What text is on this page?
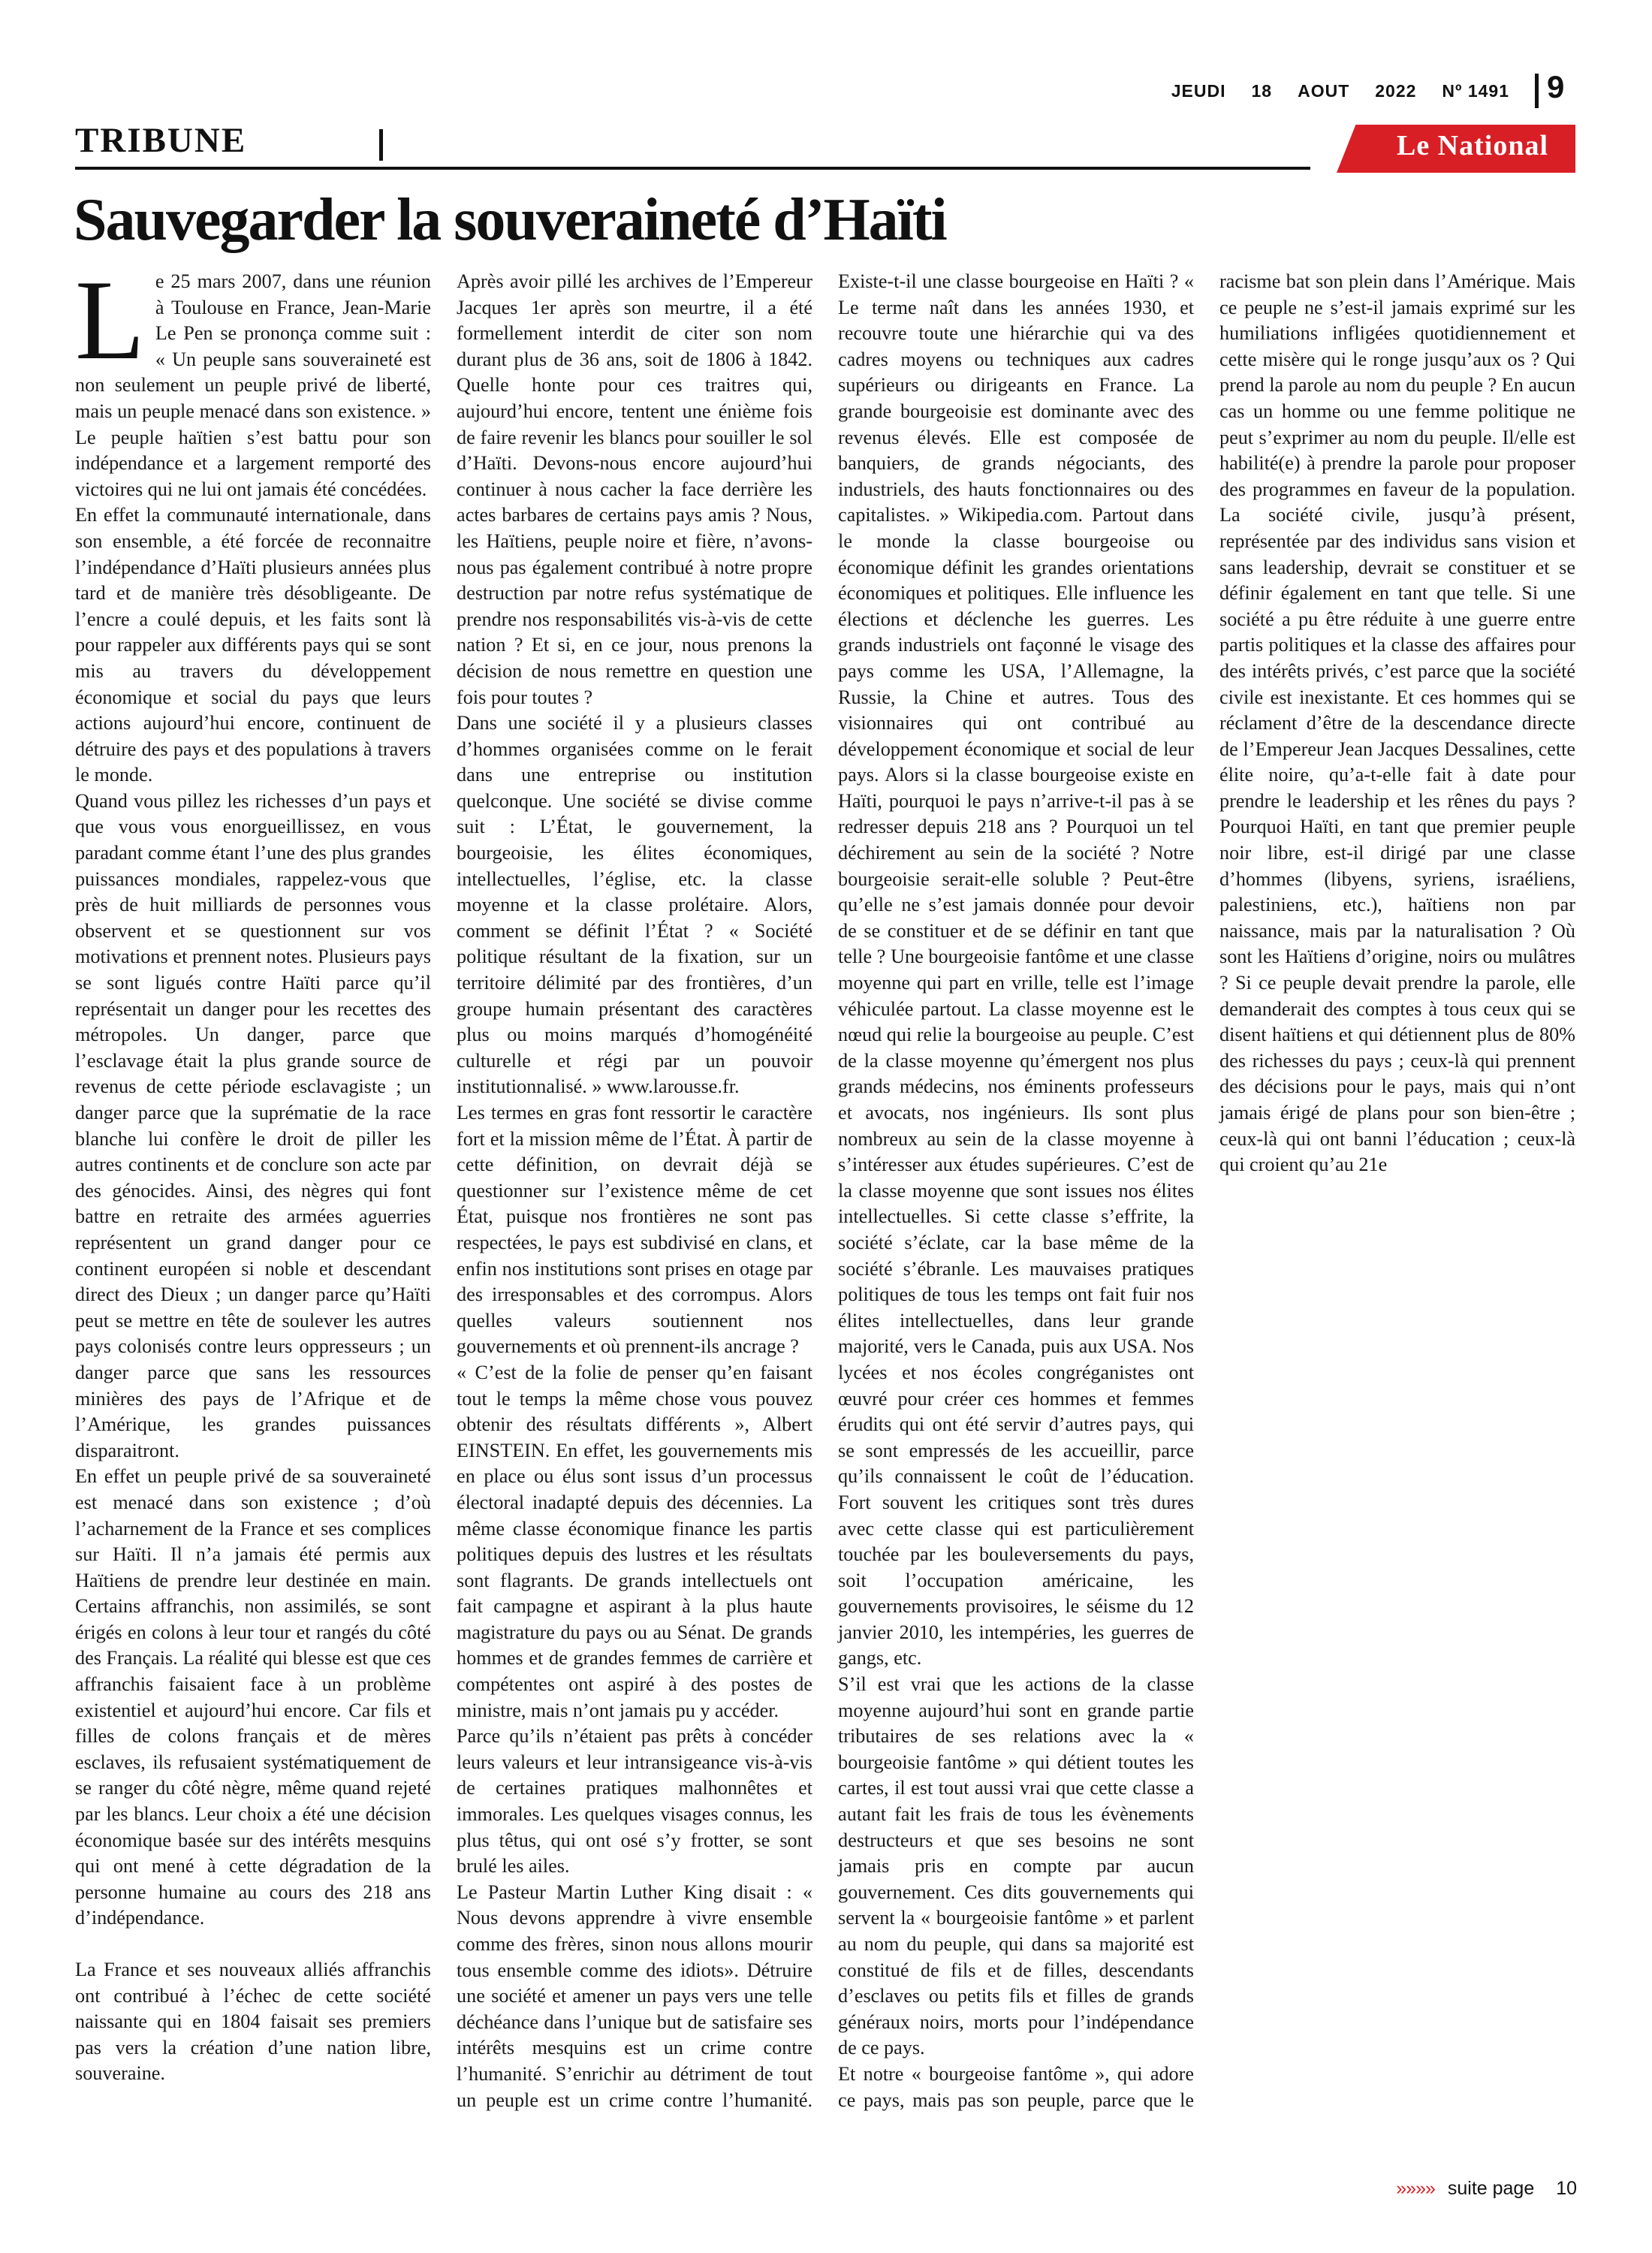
JEUDI 18 AOUT 2022 Nº 1491 9
TRIBUNE	Le National
Sauvegarder la souveraineté d’Haïti

Le 25 mars 2007, dans une réunion à Toulouse en France, Jean-Marie Le Pen se prononça comme suit : « Un peuple sans souveraineté est non seulement un peuple privé de liberté, mais un peuple menacé dans son existence. » Le peuple haïtien s’est battu pour son indépendance et a largement remporté des victoires qui ne lui ont jamais été concédées.

En effet la communauté internationale, dans son ensemble, a été forcée de reconnaitre l’indépendance d’Haïti plusieurs années plus tard et de manière très désobligeante. De l’encre a coulé depuis, et les faits sont là pour rappeler aux différents pays qui se sont mis au travers du développement économique et social du pays que leurs actions aujourd’hui encore, continuent de détruire des pays et des populations à travers le monde.

Quand vous pillez les richesses d’un pays et que vous vous enorgueillissez, en vous paradant comme étant l’une des plus grandes puissances mondiales, rappelez-vous que près de huit milliards de personnes vous observent et se questionnent sur vos motivations et prennent notes. Plusieurs pays se sont ligués contre Haïti parce qu’il représentait un danger pour les recettes des métropoles. Un danger, parce que l’esclavage était la plus grande source de revenus de cette période esclavagiste ; un danger parce que la suprématie de la race blanche lui confère le droit de piller les autres continents et de conclure son acte par des génocides. Ainsi, des nègres qui font battre en retraite des armées aguerries représentent un grand danger pour ce continent européen si noble et descendant direct des Dieux ; un danger parce qu’Haïti peut se mettre en tête de soulever les autres pays colonisés contre leurs oppresseurs ; un danger parce que sans les ressources minières des pays de l’Afrique et de l’Amérique, les grandes puissances disparaitront.

En effet un peuple privé de sa souveraineté est menacé dans son existence ; d’où l’acharnement de la France et ses complices sur Haïti. Il n’a jamais été permis aux Haïtiens de prendre leur destinée en main. Certains affranchis, non assimilés, se sont érigés en colons à leur tour et rangés du côté des Français. La réalité qui blesse est que ces affranchis faisaient face à un problème existentiel et aujourd’hui encore. Car fils et filles de colons français et de mères esclaves, ils refusaient systématiquement de se ranger du côté nègre, même quand rejeté par les blancs. Leur choix a été une décision économique basée sur des intérêts mesquins qui ont mené à cette dégradation de la personne humaine au cours des 218 ans d’indépendance.

La France et ses nouveaux alliés affranchis ont contribué à l’échec de cette société naissante qui en 1804 faisait ses premiers pas vers la création d’une nation libre, souveraine.

Après avoir pillé les archives de l’Empereur Jacques 1er après son meurtre, il a été formellement interdit de citer son nom durant plus de 36 ans, soit de 1806 à 1842. Quelle honte pour ces traitres qui, aujourd’hui encore, tentent une énième fois de faire revenir les blancs pour souiller le sol d’Haïti. Devons-nous encore aujourd’hui continuer à nous cacher la face derrière les actes barbares de certains pays amis ? Nous, les Haïtiens, peuple noire et fière, n’avons-nous pas également contribué à notre propre destruction par notre refus systématique de prendre nos responsabilités vis-à-vis de cette nation ? Et si, en ce jour, nous prenons la décision de nous remettre en question une fois pour toutes ?

Dans une société il y a plusieurs classes d’hommes organisées comme on le ferait dans une entreprise ou institution quelconque. Une société se divise comme suit : L’État, le gouvernement, la bourgeoisie, les élites économiques, intellectuelles, l’église, etc. la classe moyenne et la classe prolétaire. Alors, comment se définit l’État ? « Société politique résultant de la fixation, sur un territoire délimité par des frontières, d’un groupe humain présentant des caractères plus ou moins marqués d’homogénéité culturelle et régi par un pouvoir institutionnalisé. » www.larousse.fr.

Les termes en gras font ressortir le caractère fort et la mission même de l’État. À partir de cette définition, on devrait déjà se questionner sur l’existence même de cet État, puisque nos frontières ne sont pas respectées, le pays est subdivisé en clans, et enfin nos institutions sont prises en otage par des irresponsables et des corrompus. Alors quelles valeurs soutiennent nos gouvernements et où prennent-ils ancrage ?

« C’est de la folie de penser qu’en faisant tout le temps la même chose vous pouvez obtenir des résultats différents », Albert EINSTEIN. En effet, les gouvernements mis en place ou élus sont issus d’un processus électoral inadapté depuis des décennies. La même classe économique finance les partis politiques depuis des lustres et les résultats sont flagrants. De grands intellectuels ont fait campagne et aspirant à la plus haute magistrature du pays ou au Sénat. De grands hommes et de grandes femmes de carrière et compétentes ont aspiré à des postes de ministre, mais n’ont jamais pu y accéder.

Parce qu’ils n’étaient pas prêts à concéder leurs valeurs et leur intransigeance vis-à-vis de certaines pratiques malhonnêtes et immorales. Les quelques visages connus, les plus têtus, qui ont osé s’y frotter, se sont brulé les ailes.

Le Pasteur Martin Luther King disait : « Nous devons apprendre à vivre ensemble comme des frères, sinon nous allons mourir tous ensemble comme des idiots». Détruire une société et amener un pays vers une telle déchéance dans l’unique but de satisfaire ses intérêts mesquins est un crime contre l’humanité. S’enrichir au détriment de tout un peuple est un crime contre l’humanité. Existe-t-il une classe bourgeoise en Haïti ? « Le terme naît dans les années 1930, et recouvre toute une hiérarchie qui va des cadres moyens ou techniques aux cadres supérieurs ou dirigeants en France. La grande bourgeoisie est dominante avec des revenus élevés. Elle est composée de banquiers, de grands négociants, des industriels, des hauts fonctionnaires ou des capitalistes. » Wikipedia.com. Partout dans le monde la classe bourgeoise ou économique définit les grandes orientations économiques et politiques. Elle influence les élections et déclenche les guerres. Les grands industriels ont façonné le visage des pays comme les USA, l’Allemagne, la Russie, la Chine et autres. Tous des visionnaires qui ont contribué au développement économique et social de leur pays. Alors si la classe bourgeoise existe en Haïti, pourquoi le pays n’arrive-t-il pas à se redresser depuis 218 ans ? Pourquoi un tel déchirement au sein de la société ? Notre bourgeoisie serait-elle soluble ? Peut-être qu’elle ne s’est jamais donnée pour devoir de se constituer et de se définir en tant que telle ? Une bourgeoisie fantôme et une classe moyenne qui part en vrille, telle est l’image véhiculée partout. La classe moyenne est le nœud qui relie la bourgeoise au peuple. C’est de la classe moyenne qu’émergent nos plus grands médecins, nos éminents professeurs et avocats, nos ingénieurs. Ils sont plus nombreux au sein de la classe moyenne à s’intéresser aux études supérieures. C’est de la classe moyenne que sont issues nos élites intellectuelles. Si cette classe s’effrite, la société s’éclate, car la base même de la société s’ébranle. Les mauvaises pratiques politiques de tous les temps ont fait fuir nos élites intellectuelles, dans leur grande majorité, vers le Canada, puis aux USA. Nos lycées et nos écoles congréganistes ont œuvré pour créer ces hommes et femmes érudits qui ont été servir d’autres pays, qui se sont empressés de les accueillir, parce qu’ils connaissent le coût de l’éducation. Fort souvent les critiques sont très dures avec cette classe qui est particulièrement touchée par les bouleversements du pays, soit l’occupation américaine, les gouvernements provisoires, le séisme du 12 janvier 2010, les intempéries, les guerres de gangs, etc.

S’il est vrai que les actions de la classe moyenne aujourd’hui sont en grande partie tributaires de ses relations avec la « bourgeoisie fantôme » qui détient toutes les cartes, il est tout aussi vrai que cette classe a autant fait les frais de tous les évènements destructeurs et que ses besoins ne sont jamais pris en compte par aucun gouvernement. Ces dits gouvernements qui servent la « bourgeoisie fantôme » et parlent au nom du peuple, qui dans sa majorité est constitué de fils et de filles, descendants d’esclaves ou petits fils et filles de grands généraux noirs, morts pour l’indépendance de ce pays.

Et notre « bourgeoise fantôme », qui adore ce pays, mais pas son peuple, parce que le racisme bat son plein dans l’Amérique. Mais ce peuple ne s’est-il jamais exprimé sur les humiliations infligées quotidiennement et cette misère qui le ronge jusqu’aux os ? Qui prend la parole au nom du peuple ? En aucun cas un homme ou une femme politique ne peut s’exprimer au nom du peuple. Il/elle est habilité(e) à prendre la parole pour proposer des programmes en faveur de la population. La société civile, jusqu’à présent, représentée par des individus sans vision et sans leadership, devrait se constituer et se définir également en tant que telle. Si une société a pu être réduite à une guerre entre partis politiques et la classe des affaires pour des intérêts privés, c’est parce que la société civile est inexistante. Et ces hommes qui se réclament d’être de la descendance directe de l’Empereur Jean Jacques Dessalines, cette élite noire, qu’a-t-elle fait à date pour prendre le leadership et les rênes du pays ? Pourquoi Haïti, en tant que premier peuple noir libre, est-il dirigé par une classe d’hommes (libyens, syriens, israéliens, palestiniens, etc.), haïtiens non par naissance, mais par la naturalisation ? Où sont les Haïtiens d’origine, noirs ou mulâtres ? Si ce peuple devait prendre la parole, elle demanderait des comptes à tous ceux qui se disent haïtiens et qui détiennent plus de 80% des richesses du pays ; ceux-là qui prennent des décisions pour le pays, mais qui n’ont jamais érigé de plans pour son bien-être ; ceux-là qui ont banni l’éducation ; ceux-là qui croient qu’au 21e

»»»» suite page 10
